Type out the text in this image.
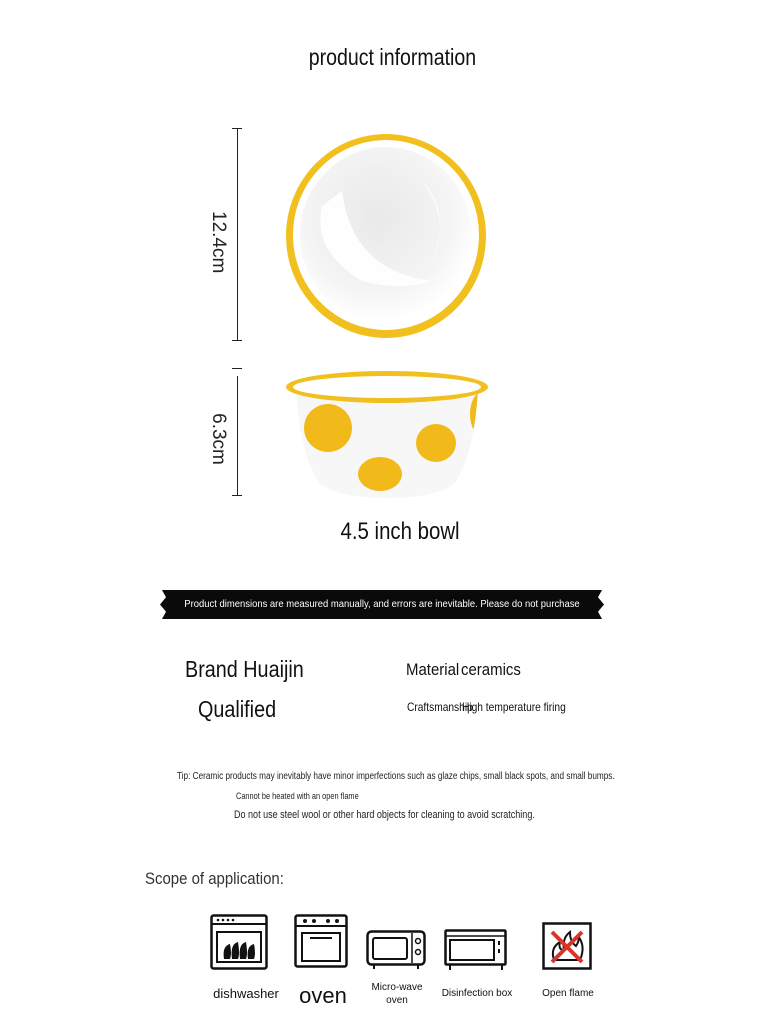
product information
12.4cm
6.3cm
4.5 inch bowl
Product dimensions are measured manually, and errors are inevitable. Please do not purchase if you mind.
Brand Huaijin
Qualified
Material ceramics
Craftsmanship
High temperature firing
Tip: Ceramic products may inevitably have minor imperfections such as glaze chips, small black spots, and small bumps.
Cannot be heated with an open flame
Do not use steel wool or other hard objects for cleaning to avoid scratching.
Scope of application:
dishwasher oven	Micro-wave
oven
Disinfection box	Open flame
